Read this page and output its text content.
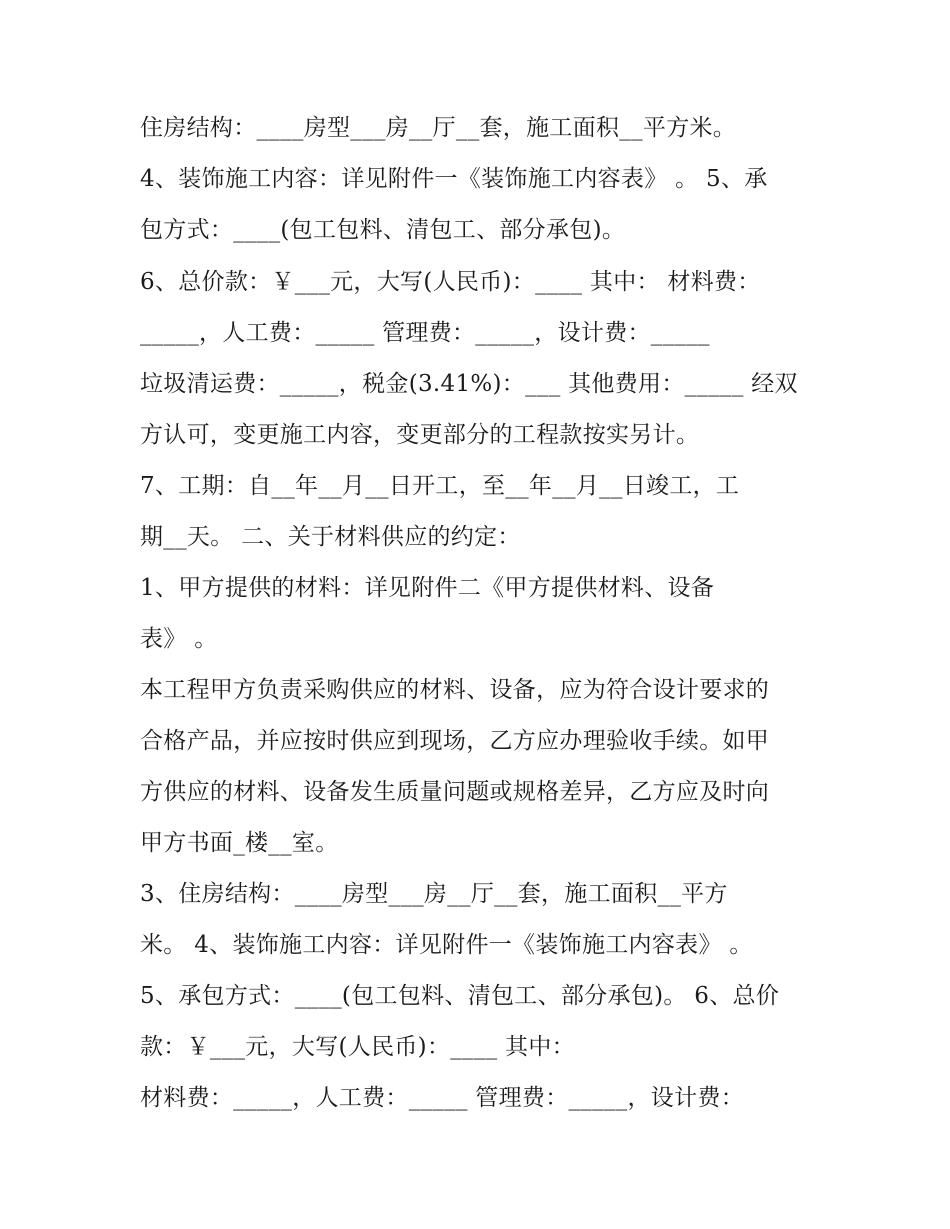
住房结构：____房型___房__厅__套，施工面积__平方米。

4、装饰施工内容：详见附件一《装饰施工内容表》 。 5、承

包方式：____(包工包料、清包工、部分承包)。

6、总价款：￥___元，大写(人民币)：____ 其中： 材料费：

_____，人工费：_____ 管理费：_____，设计费：_____

垃圾清运费：_____，税金(3.41%)：___ 其他费用：_____ 经双

方认可，变更施工内容，变更部分的工程款按实另计。

7、工期：自__年__月__日开工，至__年__月__日竣工，工

期__天。 二、关于材料供应的约定：

1、甲方提供的材料：详见附件二《甲方提供材料、设备

表》 。

本工程甲方负责采购供应的材料、设备，应为符合设计要求的

合格产品，并应按时供应到现场，乙方应办理验收手续。如甲

方供应的材料、设备发生质量问题或规格差异，乙方应及时向

甲方书面_楼__室。

3、住房结构：____房型___房__厅__套，施工面积__平方

米。 4、装饰施工内容：详见附件一《装饰施工内容表》 。

5、承包方式：____(包工包料、清包工、部分承包)。 6、总价

款：￥___元，大写(人民币)：____ 其中：

材料费：_____，人工费：_____ 管理费：_____，设计费：
